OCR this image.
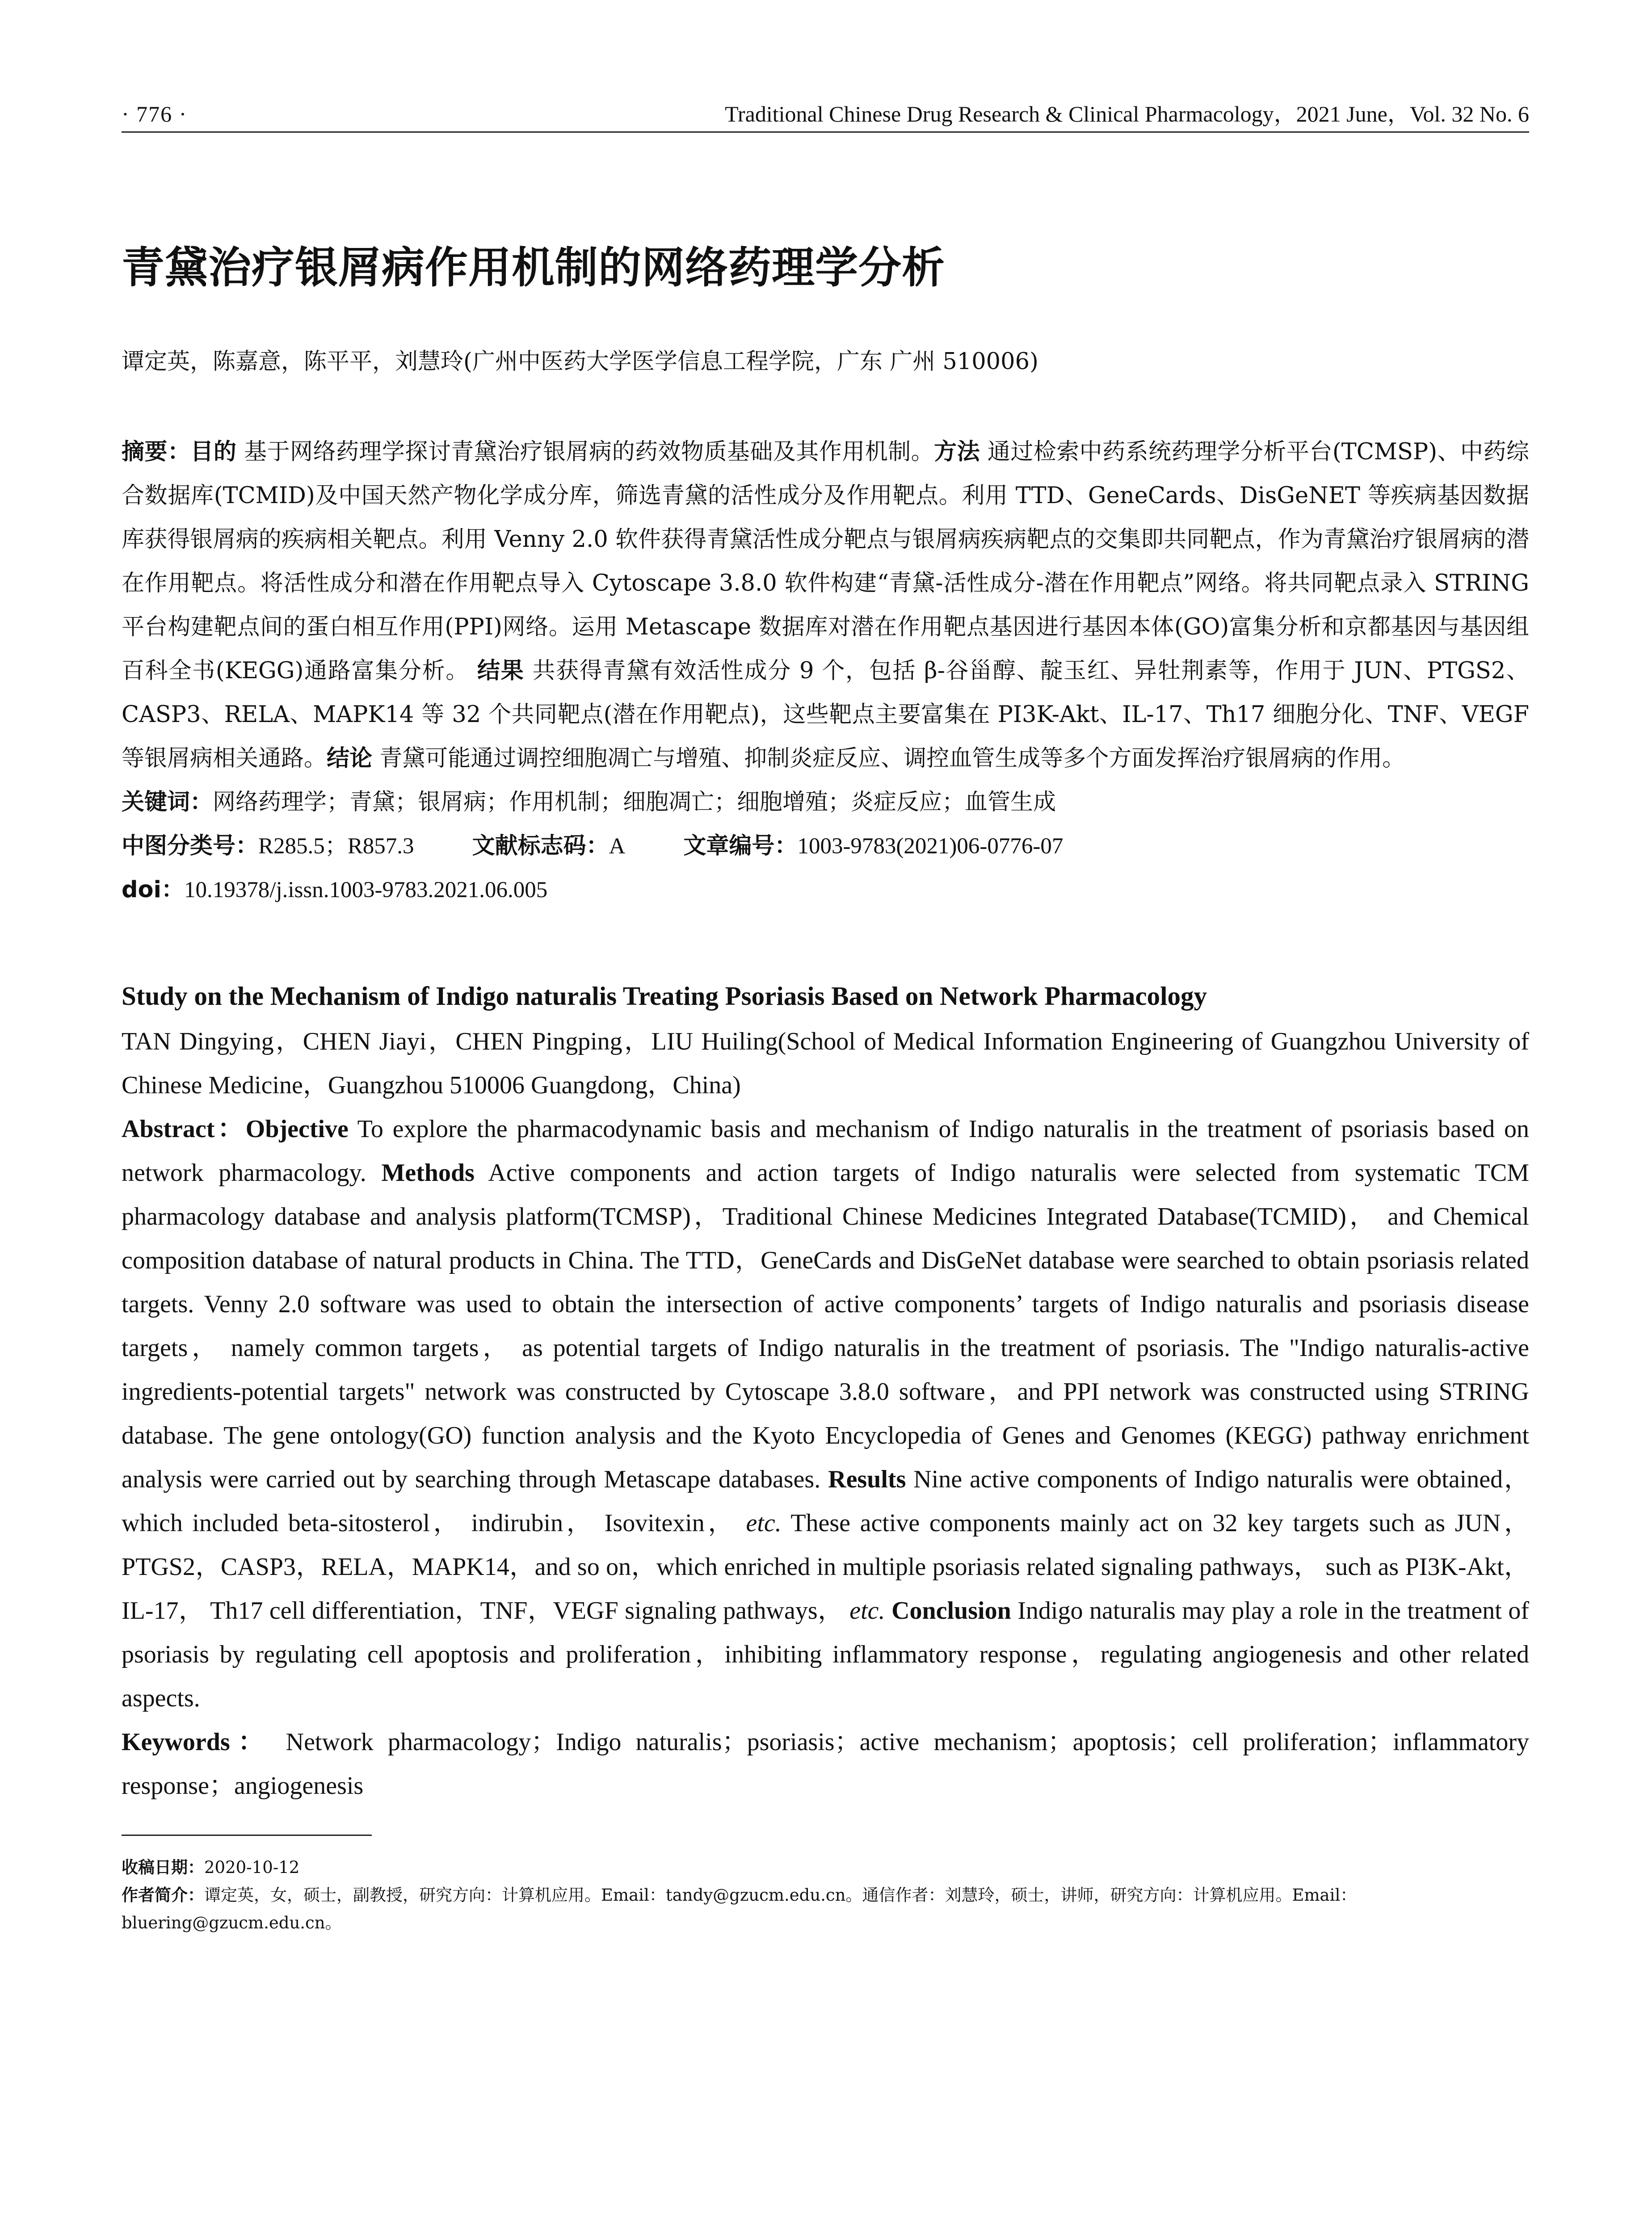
· 776 ·	Traditional Chinese Drug Research & Clinical Pharmacology，2021 June，Vol. 32 No. 6
青黛治疗银屑病作用机制的网络药理学分析
谭定英，陈嘉意，陈平平，刘慧玲(广州中医药大学医学信息工程学院，广东 广州 510006)

摘要：目的 基于网络药理学探讨青黛治疗银屑病的药效物质基础及其作用机制。方法 通过检索中药系统药理学分析平台(TCMSP)、中药综合数据库(TCMID)及中国天然产物化学成分库，筛选青黛的活性成分及作用靶点。利用 TTD、GeneCards、DisGeNET 等疾病基因数据库获得银屑病的疾病相关靶点。利用 Venny 2.0 软件获得青黛活性成分靶点与银屑病疾病靶点的交集即共同靶点，作为青黛治疗银屑病的潜在作用靶点。将活性成分和潜在作用靶点导入 Cytoscape 3.8.0 软件构建“青黛-活性成分-潜在作用靶点”网络。将共同靶点录入 STRING 平台构建靶点间的蛋白相互作用(PPI)网络。运用 Metascape 数据库对潜在作用靶点基因进行基因本体(GO)富集分析和京都基因与基因组百科全书(KEGG)通路富集分析。 结果 共获得青黛有效活性成分 9 个，包括 β-谷甾醇、靛玉红、异牡荆素等，作用于 JUN、PTGS2、CASP3、RELA、MAPK14 等 32 个共同靶点(潜在作用靶点)，这些靶点主要富集在 PI3K-Akt、IL-17、Th17 细胞分化、TNF、VEGF 等银屑病相关通路。结论 青黛可能通过调控细胞凋亡与增殖、抑制炎症反应、调控血管生成等多个方面发挥治疗银屑病的作用。

关键词：网络药理学；青黛；银屑病；作用机制；细胞凋亡；细胞增殖；炎症反应；血管生成

中图分类号：R285.5；R857.3	文献标志码：A	文章编号：1003-9783(2021)06-0776-07

doi：10.19378/j.issn.1003-9783.2021.06.005

Study on the Mechanism of Indigo naturalis Treating Psoriasis Based on Network Pharmacology
TAN Dingying，CHEN Jiayi，CHEN Pingping，LIU Huiling(School of Medical Information Engineering of Guangzhou University of Chinese Medicine，Guangzhou 510006 Guangdong，China)

Abstract：Objective To explore the pharmacodynamic basis and mechanism of Indigo naturalis in the treatment of psoriasis based on network pharmacology. Methods Active components and action targets of Indigo naturalis were selected from systematic TCM pharmacology database and analysis platform(TCMSP)，Traditional Chinese Medicines Integrated Database(TCMID)， and Chemical composition database of natural products in China. The TTD，GeneCards and DisGeNet database were searched to obtain psoriasis related targets. Venny 2.0 software was used to obtain the intersection of active components’ targets of Indigo naturalis and psoriasis disease targets， namely common targets， as potential targets of Indigo naturalis in the treatment of psoriasis. The "Indigo naturalis-active ingredients-potential targets" network was constructed by Cytoscape 3.8.0 software，and PPI network was constructed using STRING database. The gene ontology(GO) function analysis and the Kyoto Encyclopedia of Genes and Genomes (KEGG) pathway enrichment analysis were carried out by searching through Metascape databases. Results Nine active components of Indigo naturalis were obtained， which included beta-sitosterol， indirubin， Isovitexin， etc. These active components mainly act on 32 key targets such as JUN，PTGS2，CASP3，RELA，MAPK14，and so on，which enriched in multiple psoriasis related signaling pathways， such as PI3K-Akt， IL-17， Th17 cell differentiation，TNF，VEGF signaling pathways， etc. Conclusion Indigo naturalis may play a role in the treatment of psoriasis by regulating cell apoptosis and proliferation，inhibiting inflammatory response，regulating angiogenesis and other related aspects.

Keywords： Network pharmacology；Indigo naturalis；psoriasis；active mechanism；apoptosis；cell proliferation；inflammatory response；angiogenesis

收稿日期：2020-10-12

作者简介：谭定英，女，硕士，副教授，研究方向：计算机应用。Email：tandy@gzucm.edu.cn。通信作者：刘慧玲，硕士，讲师，研究方向：计算机应用。Email：bluering@gzucm.edu.cn。
